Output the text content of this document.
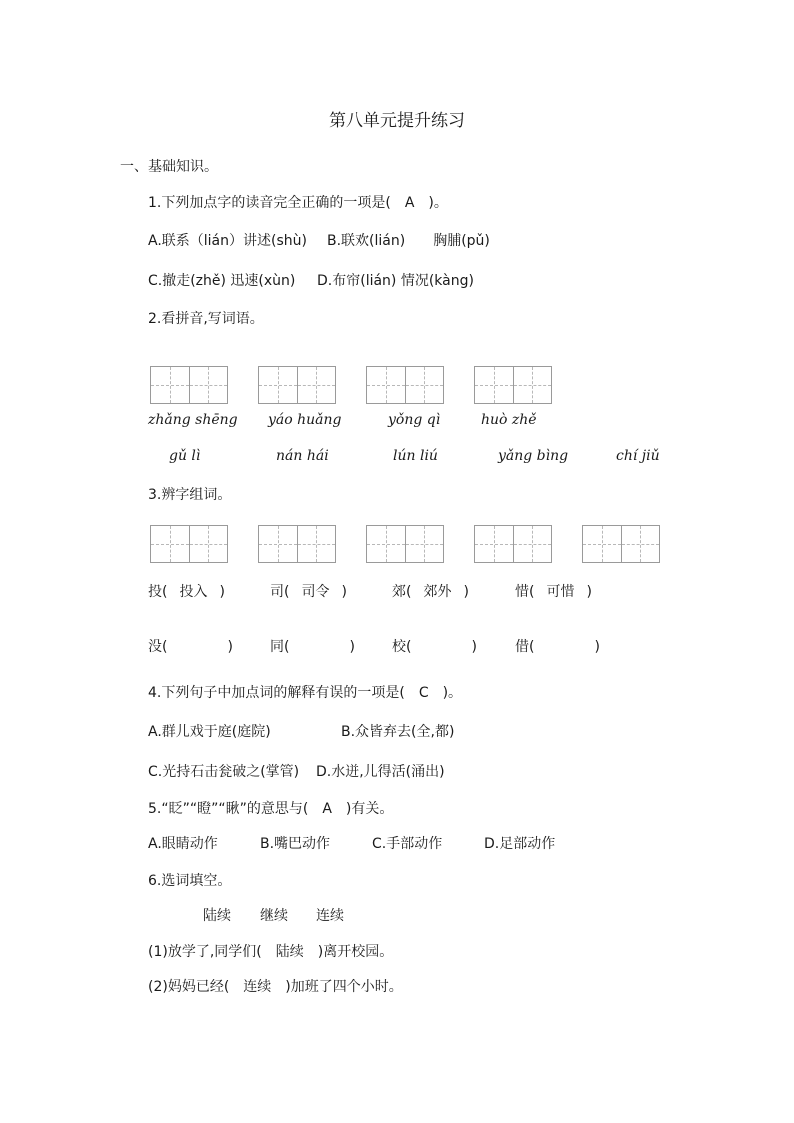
第八单元提升练习
一、基础知识。
1.下列加点字的读音完全正确的一项是(　A　)。
A.联系（lián）讲述(shù) B.联欢(lián)　　胸脯(pǔ)
C.撤走(zhě) 迅速(xùn) D.布帘(lián) 情况(kàng)
2.看拼音,写词语。
zhǎng shēng yáo huǎng	yǒng qì	huò zhě
gǔ lì	nán hái	lún liú	yǎng bìng	chí jiǔ
3.辨字组词。
投( 投入 )	司( 司令 )	郊( 郊外 )	惜( 可惜 )
没(	)	同(	)	校(	)	借(	)
4.下列句子中加点词的解释有误的一项是(　C　)。
A.群儿戏于庭(庭院)	B.众皆弃去(全,都)
C.光持石击瓮破之(掌管) D.水迸,儿得活(涌出)
5.“眨”“瞪”“瞅”的意思与(　A　)有关。
A.眼睛动作	B.嘴巴动作	C.手部动作	D.足部动作
6.选词填空。
陆续 继续 连续
(1)放学了,同学们( 陆续 )离开校园。
(2)妈妈已经( 连续 )加班了四个小时。
